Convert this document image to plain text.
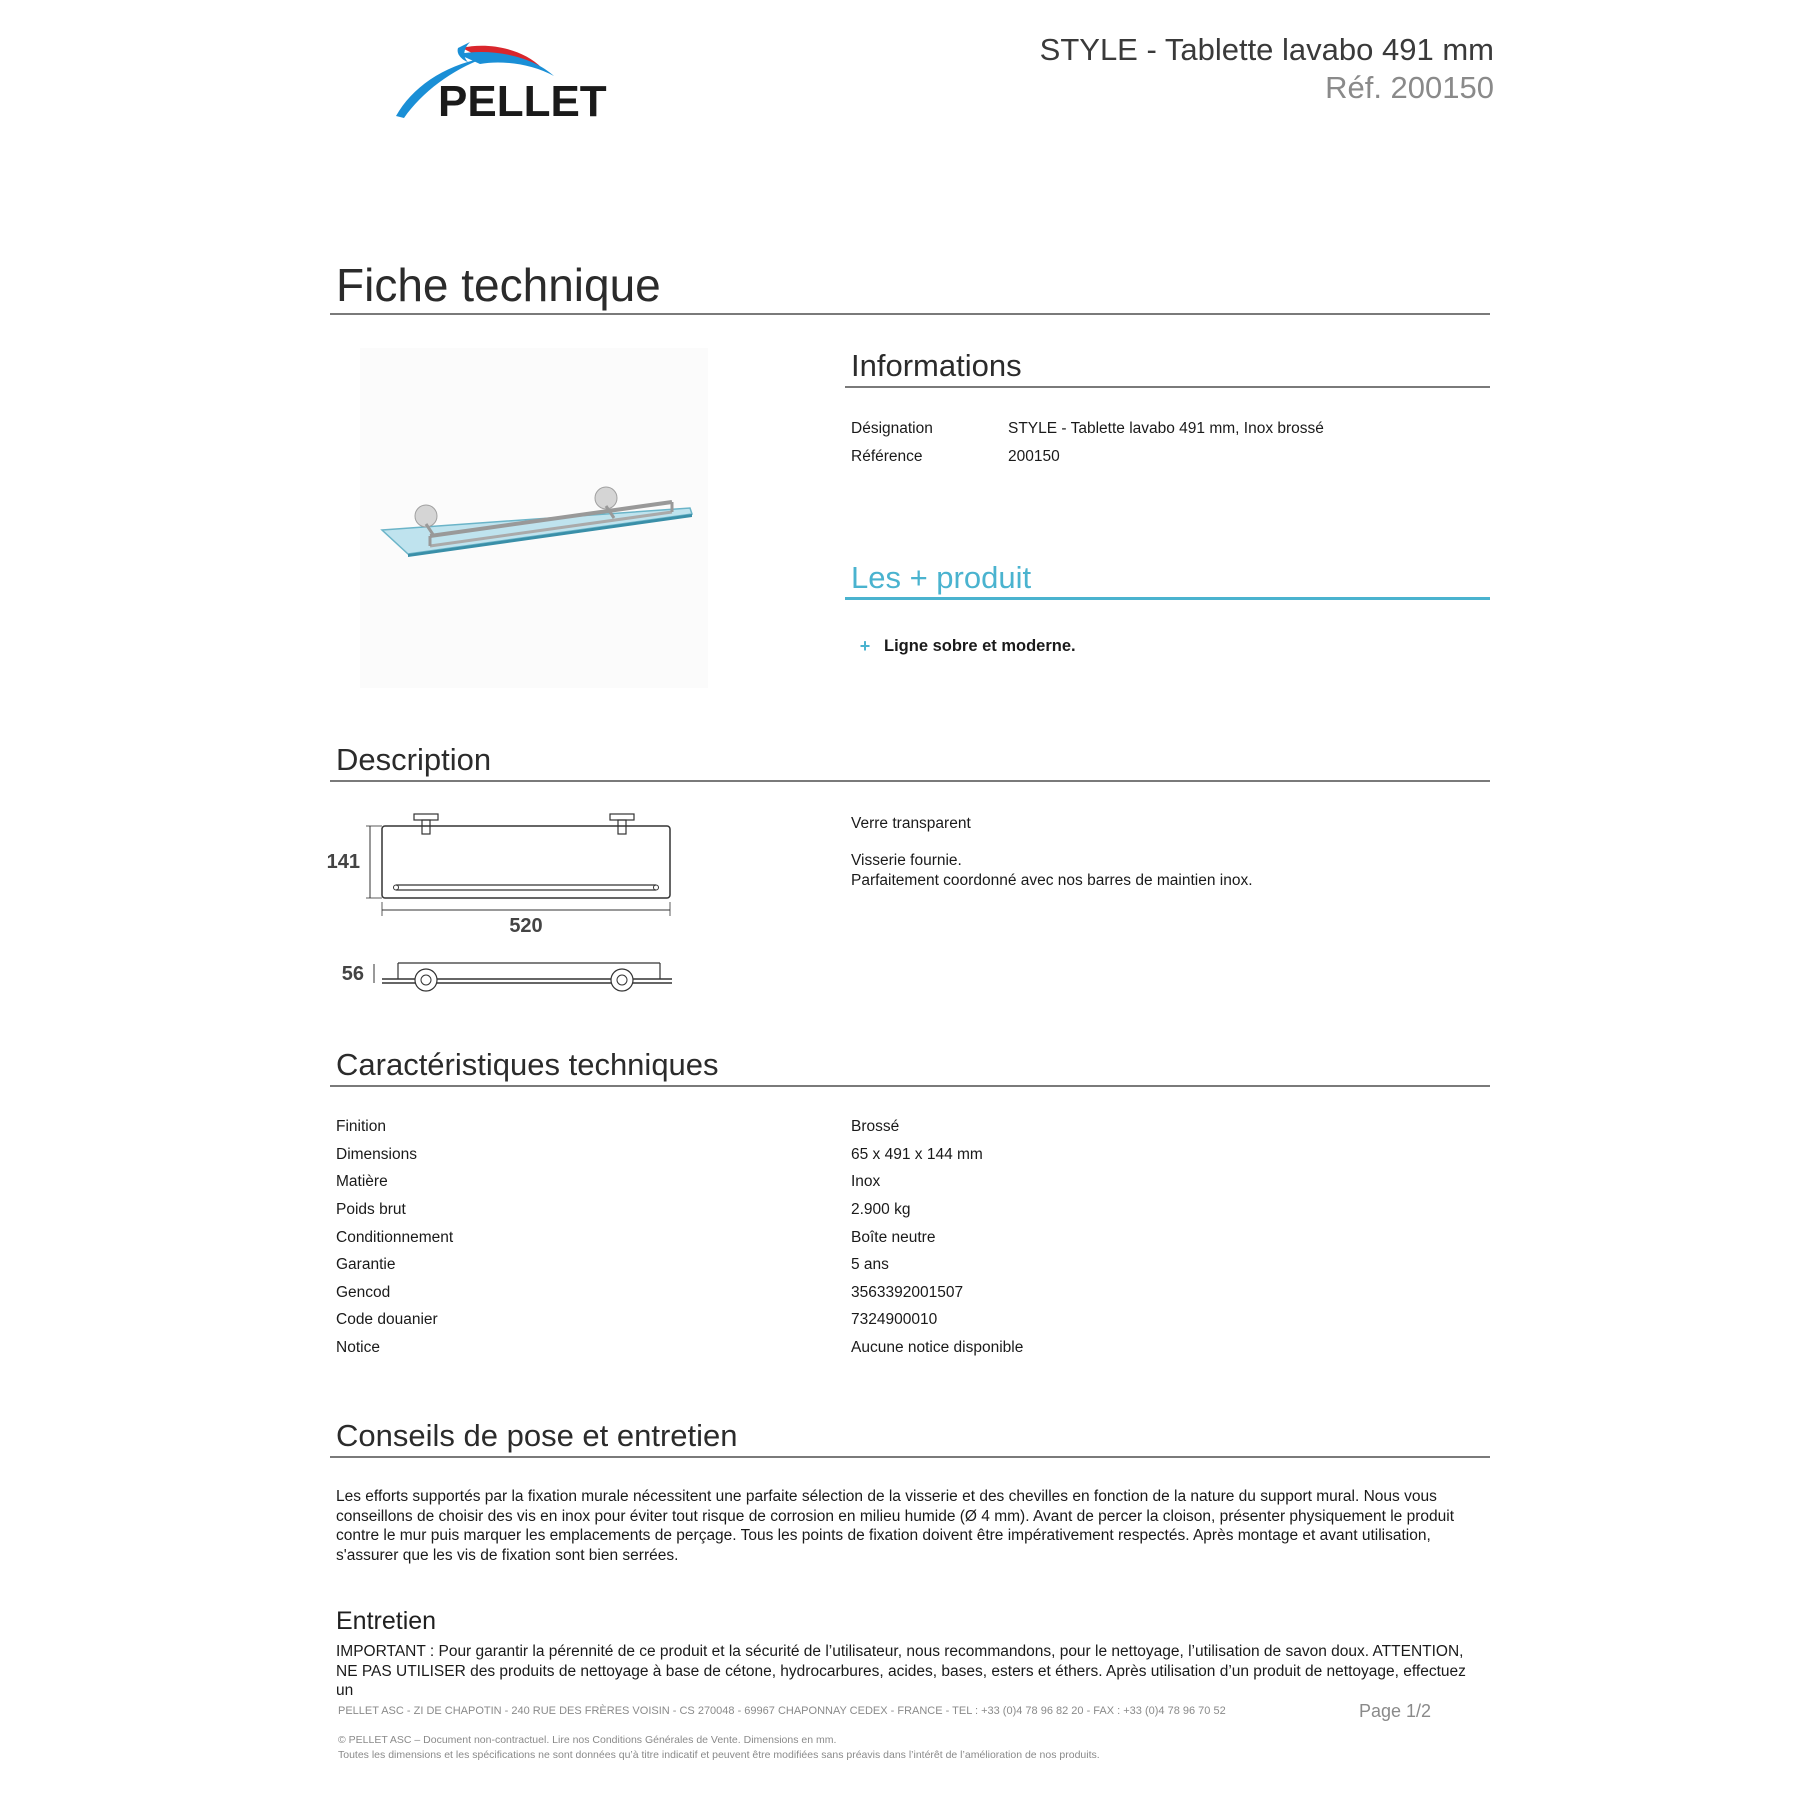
PELLET
STYLE - Tablette lavabo 491 mm
Réf. 200150
Fiche technique
Informations
Désignation	STYLE - Tablette lavabo 491 mm, Inox brossé
Référence	200150
Les + produit
+ Ligne sobre et moderne.
Description
141
520
56
Verre transparent
Visserie fournie.
Parfaitement coordonné avec nos barres de maintien inox.
Caractéristiques techniques
Finition	Brossé
Dimensions	65 x 491 x 144 mm
Matière	Inox
Poids brut	2.900 kg
Conditionnement	Boîte neutre
Garantie	5 ans
Gencod	3563392001507
Code douanier	7324900010
Notice	Aucune notice disponible
Conseils de pose et entretien
Les efforts supportés par la fixation murale nécessitent une parfaite sélection de la visserie et des chevilles en fonction de la nature du support mural. Nous vous conseillons de choisir des vis en inox pour éviter tout risque de corrosion en milieu humide (Ø 4 mm). Avant de percer la cloison, présenter physiquement le produit contre le mur puis marquer les emplacements de perçage. Tous les points de fixation doivent être impérativement respectés. Après montage et avant utilisation, s'assurer que les vis de fixation sont bien serrées.
Entretien
IMPORTANT : Pour garantir la pérennité de ce produit et la sécurité de l’utilisateur, nous recommandons, pour le nettoyage, l’utilisation de savon doux. ATTENTION, NE PAS UTILISER des produits de nettoyage à base de cétone, hydrocarbures, acides, bases, esters et éthers. Après utilisation d’un produit de nettoyage, effectuez un
PELLET ASC - ZI DE CHAPOTIN - 240 RUE DES FRÈRES VOISIN - CS 270048 - 69967 CHAPONNAY CEDEX - FRANCE - TEL : +33 (0)4 78 96 82 20 - FAX : +33 (0)4 78 96 70 52	Page 1/2
© PELLET ASC – Document non-contractuel. Lire nos Conditions Générales de Vente. Dimensions en mm.
Toutes les dimensions et les spécifications ne sont données qu’à titre indicatif et peuvent être modifiées sans préavis dans l’intérêt de l’amélioration de nos produits.
